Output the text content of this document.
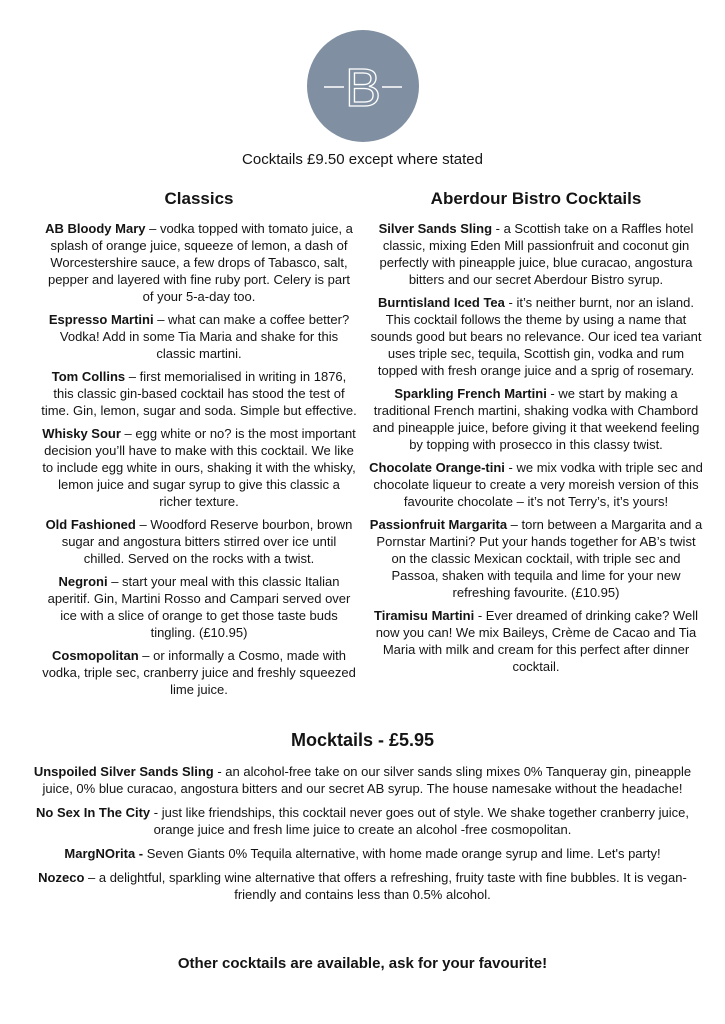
B
Cocktails £9.50 except where stated
Classics

AB Bloody Mary – vodka topped with tomato juice, a splash of orange juice, squeeze of lemon, a dash of Worcestershire sauce, a few drops of Tabasco, salt, pepper and layered with fine ruby port. Celery is part of your 5-a-day too.

Espresso Martini – what can make a coffee better? Vodka! Add in some Tia Maria and shake for this classic martini.

Tom Collins – first memorialised in writing in 1876, this classic gin-based cocktail has stood the test of time. Gin, lemon, sugar and soda. Simple but effective.

Whisky Sour – egg white or no? is the most important decision you’ll have to make with this cocktail. We like to include egg white in ours, shaking it with the whisky, lemon juice and sugar syrup to give this classic a richer texture.

Old Fashioned – Woodford Reserve bourbon, brown sugar and angostura bitters stirred over ice until chilled. Served on the rocks with a twist.

Negroni – start your meal with this classic Italian aperitif. Gin, Martini Rosso and Campari served over ice with a slice of orange to get those taste buds tingling. (£10.95)

Cosmopolitan – or informally a Cosmo, made with vodka, triple sec, cranberry juice and freshly squeezed lime juice.

Aberdour Bistro Cocktails

Silver Sands Sling - a Scottish take on a Raffles hotel classic, mixing Eden Mill passionfruit and coconut gin perfectly with pineapple juice, blue curacao, angostura bitters and our secret Aberdour Bistro syrup.

Burntisland Iced Tea - it’s neither burnt, nor an island. This cocktail follows the theme by using a name that sounds good but bears no relevance. Our iced tea variant uses triple sec, tequila, Scottish gin, vodka and rum topped with fresh orange juice and a sprig of rosemary.

Sparkling French Martini - we start by making a traditional French martini, shaking vodka with Chambord and pineapple juice, before giving it that weekend feeling by topping with prosecco in this classy twist.

Chocolate Orange-tini - we mix vodka with triple sec and chocolate liqueur to create a very moreish version of this favourite chocolate – it’s not Terry’s, it’s yours!

Passionfruit Margarita – torn between a Margarita and a Pornstar Martini? Put your hands together for AB’s twist on the classic Mexican cocktail, with triple sec and Passoa, shaken with tequila and lime for your new refreshing favourite. (£10.95)

Tiramisu Martini - Ever dreamed of drinking cake? Well now you can! We mix Baileys, Crème de Cacao and Tia Maria with milk and cream for this perfect after dinner cocktail.

Mocktails - £5.95

Unspoiled Silver Sands Sling - an alcohol-free take on our silver sands sling mixes 0% Tanqueray gin, pineapple juice, 0% blue curacao, angostura bitters and our secret AB syrup. The house namesake without the headache!

No Sex In The City - just like friendships, this cocktail never goes out of style. We shake together cranberry juice, orange juice and fresh lime juice to create an alcohol -free cosmopolitan.

MargNOrita - Seven Giants 0% Tequila alternative, with home made orange syrup and lime. Let's party!

Nozeco – a delightful, sparkling wine alternative that offers a refreshing, fruity taste with fine bubbles. It is vegan-friendly and contains less than 0.5% alcohol.

Other cocktails are available, ask for your favourite!
